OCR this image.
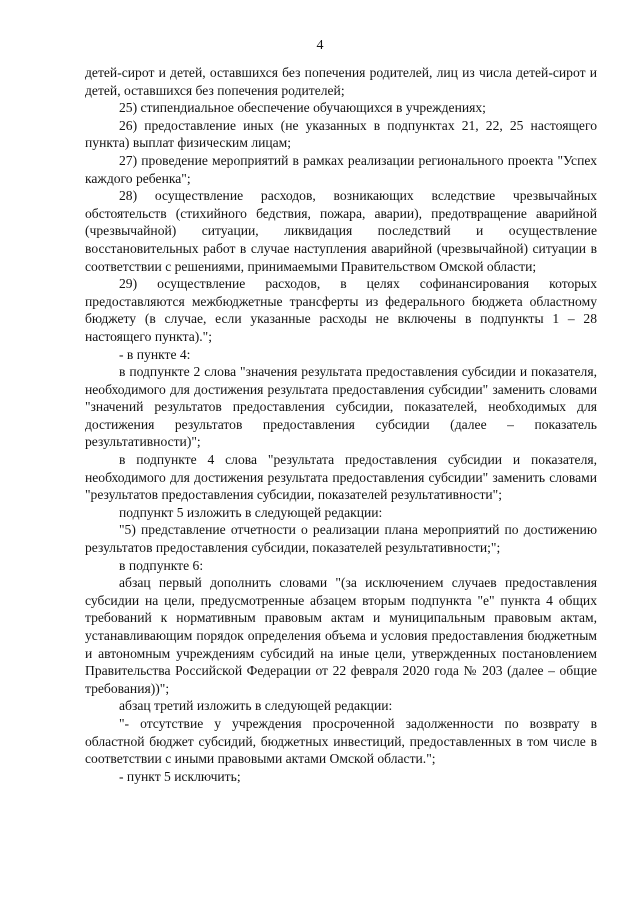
4

детей-сирот и детей, оставшихся без попечения родителей, лиц из числа детей-сирот и детей, оставшихся без попечения родителей;

25) стипендиальное обеспечение обучающихся в учреждениях;

26) предоставление иных (не указанных в подпунктах 21, 22, 25 настоящего пункта) выплат физическим лицам;

27) проведение мероприятий в рамках реализации регионального проекта "Успех каждого ребенка";

28) осуществление расходов, возникающих вследствие чрезвычайных обстоятельств (стихийного бедствия, пожара, аварии), предотвращение аварийной (чрезвычайной) ситуации, ликвидация последствий и осуществление восстановительных работ в случае наступления аварийной (чрезвычайной) ситуации в соответствии с решениями, принимаемыми Правительством Омской области;

29) осуществление расходов, в целях софинансирования которых предоставляются межбюджетные трансферты из федерального бюджета областному бюджету (в случае, если указанные расходы не включены в подпункты 1 – 28 настоящего пункта).";

- в пункте 4:

в подпункте 2 слова "значения результата предоставления субсидии и показателя, необходимого для достижения результата предоставления субсидии" заменить словами "значений результатов предоставления субсидии, показателей, необходимых для достижения результатов предоставления субсидии (далее – показатель результативности)";

в подпункте 4 слова "результата предоставления субсидии и показателя, необходимого для достижения результата предоставления субсидии" заменить словами "результатов предоставления субсидии, показателей результативности";

подпункт 5 изложить в следующей редакции:

"5) представление отчетности о реализации плана мероприятий по достижению результатов предоставления субсидии, показателей результативности;";

в подпункте 6:

абзац первый дополнить словами "(за исключением случаев предоставления субсидии на цели, предусмотренные абзацем вторым подпункта "е" пункта 4 общих требований к нормативным правовым актам и муниципальным правовым актам, устанавливающим порядок определения объема и условия предоставления бюджетным и автономным учреждениям субсидий на иные цели, утвержденных постановлением Правительства Российской Федерации от 22 февраля 2020 года № 203 (далее – общие требования))";

абзац третий изложить в следующей редакции:

"- отсутствие у учреждения просроченной задолженности по возврату в областной бюджет субсидий, бюджетных инвестиций, предоставленных в том числе в соответствии с иными правовыми актами Омской области.";

- пункт 5 исключить;
